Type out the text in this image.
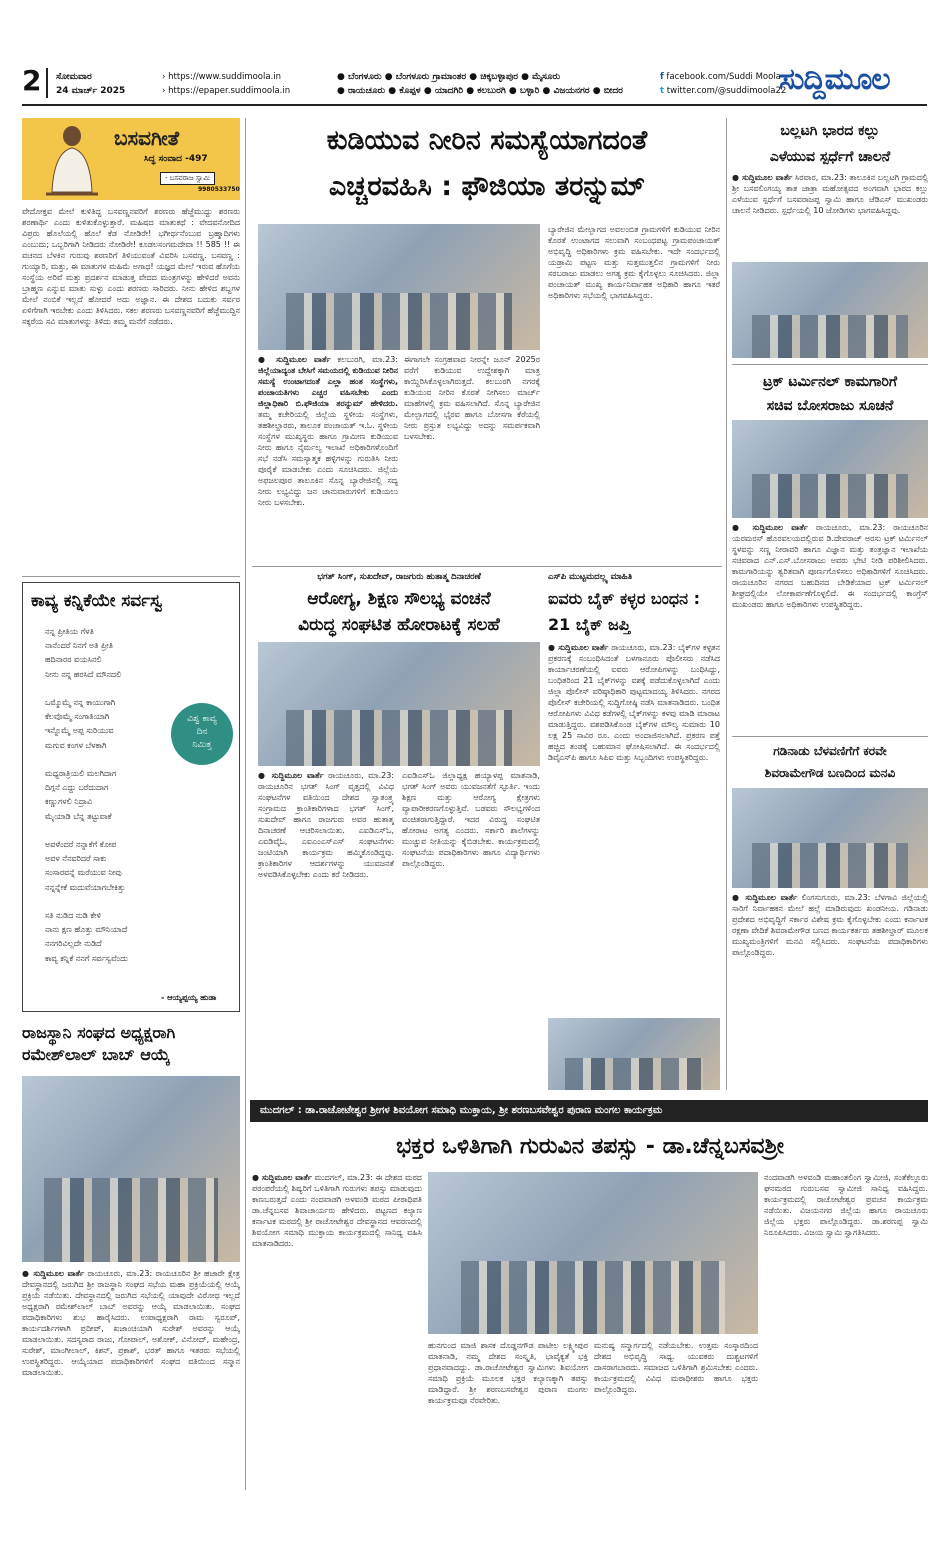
2 ಸೋಮವಾರ
24 ಮಾರ್ಚ್ 2025
› https://www.suddimoola.in
› https://epaper.suddimoola.in
● ಬೆಂಗಳೂರು ● ಬೆಂಗಳೂರು ಗ್ರಾಮಾಂತರ ● ಚಿಕ್ಕಬಳ್ಳಾಪುರ ● ಮೈಸೂರು
● ರಾಯಚೂರು ● ಕೊಪ್ಪಳ ● ಯಾದಗಿರಿ ● ಕಲಬುರಗಿ ● ಬಳ್ಳಾರಿ ● ವಿಜಯನಗರ ● ಬೀದರ
f facebook.com/Suddi Moola
t twitter.com/@suddimoola22
ಸುದ್ದಿಮೂಲ
ಬಸವಗೀತೆ
ಸಿದ್ಧ ಸಂವಾದ -497
- ಬಸವರಾಜ ಸ್ವಾಮಿ
9980533750
ವೇದೋಕ್ತವ ಮೇಲೆ ಕುಳಿತಿದ್ದ ಬಸವಣ್ಣನವರಿಗೆ ಶರಣರು ಹೆಜ್ಜೆಮುದ್ದು ಶರಣರು ಶರಣಾರ್ಥಿ ಎಂದು ಕುಳಿತುಕೊಳ್ಳುತ್ತಾರೆ. ಮಹಿಷದ ಮಾತುಕಥೆ : ವೇದವನೋದಿದ ವಿಪ್ರರು ಹೊಲೆಯಲ್ಲಿ ಹೊಲೆ ಕೆಡ ನೋಡಿರೇ! ಭಗೀರ್ಥನೆಂಬುವ ಬ್ರಹ್ಮಾದಿಗಳು ಎಂಬುದು; ಒಬ್ಬರಿಗಾಗಿ ನೀಡಿದರು ನೋಡಿರೇ! ಕೂಡಲಸಂಗಮದೇವಾ !! 585 !! ಈ ವಚನದ ಬೆಳಕಿನ ಗುರುವು ಶರಣರಿಗೆ ತಿಳಿಯುವಂತೆ ವಿವರಿಸಿ ಬಸವಣ್ಣ. ಬಸವಣ್ಣ : ಗುಯ್ಯಾರಿ, ಮತ್ತು, ಈ ಮಾತುಗಳ ಮಹಿಮೆ ಅಗಾಧ! ಯಜ್ಞದ ಮೇಲೆ ಇರುವ ಹೊಗೆಯ ಸಂಸ್ಥೆಯ ಅರಿವೆ ಮತ್ತು ಪ್ರದರ್ಶನ ಮಾಡುತ್ತ ವೇದದ ಮಂತ್ರಗಳನ್ನು ಹೇಳಿದರೆ ಅವನು ಬ್ರಾಹ್ಮಣ ಎನ್ನುವ ಮಾತು ಸುಳ್ಳು ಎಂದು ಶರಣರು ಸಾರಿದರು. ನೀನು ಹೇಳಿದ ಶಬ್ದಗಳ ಮೇಲೆ ನಂಬಿಕೆ ಇಲ್ಲದೆ ಹೋದರೆ ಅದು ಅಜ್ಞಾನ. ಈ ದೇಶದ ಬದುಕು ಸರ್ವರ ಏಳಿಗೆಗಾಗಿ ಇರಬೇಕು ಎಂದು ತಿಳಿಸಿದರು. ಸಕಲ ಶರಣರು ಬಸವಣ್ಣನವರಿಗೆ ಹೆಜ್ಜೆಮುದ್ದಿನ ಸಕ್ಕರೆಯ ಸವಿ ಮಾತುಗಳನ್ನು ತಿಳಿದು ತಮ್ಮ ಮನೆಗೆ ನಡೆದರು.
ಕಾವ್ಯ ಕನ್ನಿಕೆಯೇ ಸರ್ವಸ್ವ
ನನ್ನ ಪ್ರೀತಿಯ ಗೆಳತಿ
ನಾನೆಂದರೆ ನಿನಗೆ ಅತಿ ಪ್ರೀತಿ
ಹದಿನಾರರ ವಯಸಿನಲಿ
ನೀನು ನನ್ನ ಹರಸಿದೆ ಮೌನದಲಿ

ಒಮ್ಮೊಮ್ಮೆ ನನ್ನ ಕಾಯುಗಾಗಿ
ಕೆಲವೊಮ್ಮೆ ಸಂಗಾತಿಯಾಗಿ
ಇನ್ನೊಮ್ಮೆ ಅಪ್ಪ ಸುರಿಯುವ
ಮಗುವ ಕಂಗಳ ಬೆಳಕಾಗಿ

ಮಧ್ಯರಾತ್ರಿಯಲಿ ಮಲಗಿದಾಗ
ದಿಗ್ಗನೆ ಎದ್ದು ಬರೆದುದಾಗ
ಕಣ್ಣುಗಳಲಿ ನಿದ್ರಾವಿ
ಮೈಯಾಡಿ ಬೆನ್ನ ತಟ್ಟುವಾಕೆ

ಅವಳೆಂದರೆ ನನ್ನಾಕೆಗೆ ಕೋಪ
ಅವಳ ನೆನವರಿದರೆ ಸಾಕು
ಸಂಸಾರವನ್ನೆ ಮರೆಯುವ ನೀವು
ನನ್ನನ್ನೇಕೆ ಮದುವೆಯಾಗಬೇಕಿತ್ತು

ಸತಿ ನುಡಿದ ನುಡಿ ಕೇಳಿ
ನಾನು ಕ್ಷಣ ಹೊತ್ತು ಮೌನಿಯಾದೆ
ನನಗರಿವಿಲ್ಲದೇ ನುಡಿದೆ
ಕಾವ್ಯ ಕನ್ನಿಕೆ ನನಗೆ ಸರ್ವಸ್ವವೆಂದು
ವಿಶ್ವ ಕಾವ್ಯ
ದಿನ
ನಿಮಿತ್ತ
- ಆಯ್ಯಪ್ಪಯ್ಯ ಹುಡಾ
ರಾಜಸ್ಥಾನಿ ಸಂಘದ ಅಧ್ಯಕ್ಷರಾಗಿ
ರಮೇಶ್‌ಲಾಲ್ ಬಾಬ್ ಆಯ್ಕೆ
● ಸುದ್ದಿಮೂಲ ವಾರ್ತೆ ರಾಯಚೂರು, ಮಾ.23: ರಾಯಚೂರಿನ ಶ್ರೀ ಹಜಾರೇ ಕ್ಷೇತ್ರ ದೇವಸ್ಥಾನದಲ್ಲಿ ಜರುಗಿದ ಶ್ರೀ ರಾಜಸ್ಥಾನಿ ಸಂಘದ ಸಭೆಯ ಮಹಾ ಪ್ರಕ್ರಿಯೆಯಲ್ಲಿ ಆಯ್ಕೆ ಪ್ರಕ್ರಿಯೆ ನಡೆಯಿತು. ದೇವಸ್ಥಾನದಲ್ಲಿ ಜರುಗಿದ ಸಭೆಯಲ್ಲಿ ಯಾವುದೇ ವಿರೋಧ ಇಲ್ಲದೆ ಅಧ್ಯಕ್ಷರಾಗಿ ರಮೇಶ್‌ಲಾಲ್ ಬಾಬ್ ಅವರನ್ನು ಆಯ್ಕೆ ಮಾಡಲಾಯಿತು. ಸಂಘದ ಪದಾಧಿಕಾರಿಗಳು ಶುಭ ಹಾರೈಸಿದರು. ಉಪಾಧ್ಯಕ್ಷರಾಗಿ ರಾಮ ಸ್ವರೂಪ್, ಕಾರ್ಯದರ್ಶಿಗಳಾಗಿ ಪ್ರದೀಪ್, ಖಜಾಂಚಿಯಾಗಿ ಸುರೇಶ್ ಅವರನ್ನು ಆಯ್ಕೆ ಮಾಡಲಾಯಿತು. ಸದಸ್ಯರಾದ ರಾಜು, ಗೋಪಾಲ್, ಅಶೋಕ್, ವಿನೋದ್, ಮಹೇಂದ್ರ, ಸುರೇಶ್, ಮಾಂಗೀಲಾಲ್, ಕಿಶನ್, ಪ್ರಕಾಶ್, ಭರತ್ ಹಾಗೂ ಇತರರು ಸಭೆಯಲ್ಲಿ ಉಪಸ್ಥಿತರಿದ್ದರು. ಆಯ್ಕೆಯಾದ ಪದಾಧಿಕಾರಿಗಳಿಗೆ ಸಂಘದ ವತಿಯಿಂದ ಸನ್ಮಾನ ಮಾಡಲಾಯಿತು.
ಕುಡಿಯುವ ನೀರಿನ ಸಮಸ್ಯೆಯಾಗದಂತೆ
ಎಚ್ಚರವಹಿಸಿ : ಫೌಜಿಯಾ ತರನ್ನುಮ್
● ಸುದ್ದಿಮೂಲ ವಾರ್ತೆ ಕಲಬುರಗಿ, ಮಾ.23: ಜಿಲ್ಲೆಯಾದ್ಯಂತ ಬೇಸಿಗೆ ಸಮಯದಲ್ಲಿ ಕುಡಿಯುವ ನೀರಿನ ಸಮಸ್ಯೆ ಉಂಟಾಗದಂತೆ ಎಲ್ಲಾ ಹಂತ ಸಂಸ್ಥೆಗಳು, ಪಂಚಾಯತಿಗಳು ಎಚ್ಚರ ವಹಿಸಬೇಕು ಎಂದು ಜಿಲ್ಲಾಧಿಕಾರಿ ಬಿ.ಫೌಜಿಯಾ ತರನ್ನುಮ್ ಹೇಳಿದರು. ತಮ್ಮ ಕಚೇರಿಯಲ್ಲಿ ಜಿಲ್ಲೆಯ ಸ್ಥಳೀಯ ಸಂಸ್ಥೆಗಳು, ತಹಶೀಲ್ದಾರರು, ತಾಲೂಕ ಪಂಚಾಯತ್ ಇ.ಓ. ಸ್ಥಳೀಯ ಸಂಸ್ಥೆಗಳ ಮುಖ್ಯಸ್ಥರು ಹಾಗೂ ಗ್ರಾಮೀಣ ಕುಡಿಯುವ ನೀರು ಹಾಗೂ ನೈರ್ಮಲ್ಯ ಇಲಾಖೆ ಅಧಿಕಾರಿಗಳೊಂದಿಗೆ ಸಭೆ ನಡೆಸಿ ಸಮಸ್ಯಾತ್ಮಕ ಹಳ್ಳಿಗಳನ್ನು ಗುರುತಿಸಿ ನೀರು ಪೂರೈಕೆ ಮಾಡಬೇಕು ಎಂದು ಸೂಚಿಸಿದರು. ಜಿಲ್ಲೆಯ ಅಫಜಲಪೂರ ತಾಲೂಕಿನ ಸೊನ್ನ ಬ್ಯಾರೇಜಿನಲ್ಲಿ ಸದ್ಯ ನೀರು ಲಭ್ಯವಿದ್ದು ಜನ ಜಾನುವಾರುಗಳಿಗೆ ಕುಡಿಯಲು ನೀರು ಬಳಸಬೇಕು.
ಈಗಾಗಲೇ ಸಂಗ್ರಹವಾದ ನೀರನ್ನೇ ಜೂನ್ 2025ರ ವರೆಗೆ ಕುಡಿಯುವ ಉದ್ದೇಶಕ್ಕಾಗಿ ಮಾತ್ರ ಕಾಯ್ದಿರಿಸಿಕೊಳ್ಳಲಾಗಿರುತ್ತದೆ. ಕಲಬುರಗಿ ನಗರಕ್ಕೆ ಕುಡಿಯುವ ನೀರಿನ ಕೊರತೆ ನೀಗಿಸಲು ಮಾರ್ಚ್ ಮಾಹೆಗಳಲ್ಲಿ ಕ್ರಮ ವಹಿಸಲಾಗಿದೆ. ಸೊನ್ನ ಬ್ಯಾರೇಜಿನ ಮೇಲ್ಭಾಗದಲ್ಲಿ ಭೈರವ ಹಾಗೂ ಬೋಸಗಾ ಕೆರೆಯಲ್ಲಿ ನೀರು ಪ್ರಸ್ತುತ ಲಭ್ಯವಿದ್ದು ಅದನ್ನು ಸಮರ್ಪಕವಾಗಿ ಬಳಸಬೇಕು.
ಬ್ಯಾರೇಜಿನ ಮೇಲ್ಭಾಗದ ಅವಲಂಬಿತ ಗ್ರಾಮಗಳಿಗೆ ಕುಡಿಯುವ ನೀರಿನ ಕೊರತೆ ಉಂಟಾಗದ ಸಲುವಾಗಿ ಸಂಬಂಧಪಟ್ಟ ಗ್ರಾಮಪಂಚಾಯತ್ ಅಭಿವೃದ್ಧಿ ಅಧಿಕಾರಿಗಳು ಕ್ರಮ ವಹಿಸಬೇಕು. ಇದೇ ಸಂದರ್ಭದಲ್ಲಿ ಯಡ್ರಾಮಿ ಪಟ್ಟಣ ಮತ್ತು ಸುತ್ತಮುತ್ತಲಿನ ಗ್ರಾಮಗಳಿಗೆ ನೀರು ಸರಬರಾಜು ಮಾಡಲು ಅಗತ್ಯ ಕ್ರಮ ಕೈಗೊಳ್ಳಲು ಸೂಚಿಸಿದರು. ಜಿಲ್ಲಾ ಪಂಚಾಯತ್ ಮುಖ್ಯ ಕಾರ್ಯನಿರ್ವಾಹಕ ಅಧಿಕಾರಿ ಹಾಗೂ ಇತರೆ ಅಧಿಕಾರಿಗಳು ಸಭೆಯಲ್ಲಿ ಭಾಗವಹಿಸಿದ್ದರು.
ಭಗತ್ ಸಿಂಗ್, ಸುಖದೇವ್, ರಾಜಗುರು ಹುತಾತ್ಮ ದಿನಾಚರಣೆ
ಆರೋಗ್ಯ, ಶಿಕ್ಷಣ ಸೌಲಭ್ಯ ವಂಚನೆ
ವಿರುದ್ಧ ಸಂಘಟಿತ ಹೋರಾಟಕ್ಕೆ ಸಲಹೆ
● ಸುದ್ದಿಮೂಲ ವಾರ್ತೆ ರಾಯಚೂರು, ಮಾ.23: ರಾಯಚೂರಿನ ಭಗತ್ ಸಿಂಗ್ ವೃತ್ತದಲ್ಲಿ ವಿವಿಧ ಸಂಘಟನೆಗಳ ವತಿಯಿಂದ ದೇಶದ ಸ್ವಾತಂತ್ರ್ಯ ಸಂಗ್ರಾಮದ ಕ್ರಾಂತಿಕಾರಿಗಳಾದ ಭಗತ್ ಸಿಂಗ್, ಸುಖದೇವ್ ಹಾಗೂ ರಾಜಗುರು ಅವರ ಹುತಾತ್ಮ ದಿನಾಚರಣೆ ಆಚರಿಸಲಾಯಿತು. ಎಐಡಿಎಸ್‌ಓ, ಎಐಡಿವೈಓ, ಎಐಎಂಎಸ್‌ಎಸ್ ಸಂಘಟನೆಗಳು ಜಂಟಿಯಾಗಿ ಕಾರ್ಯಕ್ರಮ ಹಮ್ಮಿಕೊಂಡಿದ್ದವು. ಕ್ರಾಂತಿಕಾರಿಗಳ ಆದರ್ಶಗಳನ್ನು ಯುವಜನತೆ ಅಳವಡಿಸಿಕೊಳ್ಳಬೇಕು ಎಂದು ಕರೆ ನೀಡಿದರು.
ಎಐಡಿಎಸ್‌ಓ ಜಿಲ್ಲಾಧ್ಯಕ್ಷ ಹಯ್ಯಾಳಪ್ಪ ಮಾತನಾಡಿ, ಭಗತ್ ಸಿಂಗ್ ಅವರು ಯುವಜನತೆಗೆ ಸ್ಫೂರ್ತಿ. ಇಂದು ಶಿಕ್ಷಣ ಮತ್ತು ಆರೋಗ್ಯ ಕ್ಷೇತ್ರಗಳು ವ್ಯಾಪಾರೀಕರಣಗೊಳ್ಳುತ್ತಿವೆ. ಬಡವರು ಸೌಲಭ್ಯಗಳಿಂದ ವಂಚಿತರಾಗುತ್ತಿದ್ದಾರೆ. ಇದರ ವಿರುದ್ಧ ಸಂಘಟಿತ ಹೋರಾಟ ಅಗತ್ಯ ಎಂದರು. ಸರ್ಕಾರಿ ಶಾಲೆಗಳನ್ನು ಮುಚ್ಚುವ ನೀತಿಯನ್ನು ಕೈಬಿಡಬೇಕು. ಕಾರ್ಯಕ್ರಮದಲ್ಲಿ ಸಂಘಟನೆಯ ಪದಾಧಿಕಾರಿಗಳು ಹಾಗೂ ವಿದ್ಯಾರ್ಥಿಗಳು ಪಾಲ್ಗೊಂಡಿದ್ದರು.
ಎಸ್‌ಪಿ ಮುಟ್ಟಮದಲ್ಲ್ಯ ಮಾಹಿತಿ
ಐವರು ಬೈಕ್ ಕಳ್ಳರ ಬಂಧನ :
21 ಬೈಕ್ ಜಪ್ತಿ
● ಸುದ್ದಿಮೂಲ ವಾರ್ತೆ ರಾಯಚೂರು, ಮಾ.23: ಬೈಕ್‌ಗಳ ಕಳ್ಳತನ ಪ್ರಕರಣಕ್ಕೆ ಸಂಬಂಧಿಸಿದಂತೆ ಬಳಗಾನೂರು ಪೊಲೀಸರು ನಡೆಸಿದ ಕಾರ್ಯಾಚರಣೆಯಲ್ಲಿ ಐವರು ಆರೋಪಿಗಳನ್ನು ಬಂಧಿಸಿದ್ದು, ಬಂಧಿತರಿಂದ 21 ಬೈಕ್‌ಗಳನ್ನು ವಶಕ್ಕೆ ಪಡೆದುಕೊಳ್ಳಲಾಗಿದೆ ಎಂದು ಜಿಲ್ಲಾ ಪೊಲೀಸ್ ವರಿಷ್ಠಾಧಿಕಾರಿ ಪುಟ್ಟಮಾದಯ್ಯ ತಿಳಿಸಿದರು. ನಗರದ ಪೊಲೀಸ್ ಕಚೇರಿಯಲ್ಲಿ ಸುದ್ದಿಗೋಷ್ಠಿ ನಡೆಸಿ ಮಾತನಾಡಿದರು. ಬಂಧಿತ ಆರೋಪಿಗಳು ವಿವಿಧ ಕಡೆಗಳಲ್ಲಿ ಬೈಕ್‌ಗಳನ್ನು ಕಳವು ಮಾಡಿ ಮಾರಾಟ ಮಾಡುತ್ತಿದ್ದರು. ವಶಪಡಿಸಿಕೊಂಡ ಬೈಕ್‌ಗಳ ಮೌಲ್ಯ ಸುಮಾರು 10 ಲಕ್ಷ 25 ಸಾವಿರ ರೂ. ಎಂದು ಅಂದಾಜಿಸಲಾಗಿದೆ. ಪ್ರಕರಣ ಪತ್ತೆ ಹಚ್ಚಿದ ತಂಡಕ್ಕೆ ಬಹುಮಾನ ಘೋಷಿಸಲಾಗಿದೆ. ಈ ಸಂದರ್ಭದಲ್ಲಿ ಡಿವೈಎಸ್‌ಪಿ ಹಾಗೂ ಸಿಪಿಐ ಮತ್ತು ಸಿಬ್ಬಂದಿಗಳು ಉಪಸ್ಥಿತರಿದ್ದರು.
ಬಲ್ಲಟಗಿ ಭಾರದ ಕಲ್ಲು
ಎಳೆಯುವ ಸ್ಪರ್ಧೆಗೆ ಚಾಲನೆ
● ಸುದ್ದಿಮೂಲ ವಾರ್ತೆ ಸಿರವಾರ, ಮಾ.23: ತಾಲೂಕಿನ ಬಲ್ಲಟಗಿ ಗ್ರಾಮದಲ್ಲಿ ಶ್ರೀ ಬಸವಲಿಂಗಯ್ಯ ತಾತ ಜಾತ್ರಾ ಮಹೋತ್ಸವದ ಅಂಗವಾಗಿ ಭಾರದ ಕಲ್ಲು ಎಳೆಯುವ ಸ್ಪರ್ಧೆಗೆ ಬಸವರಾಜಪ್ಪ ಸ್ವಾಮಿ ಹಾಗೂ ಜೆಡಿಎಸ್ ಮುಖಂಡರು ಚಾಲನೆ ನೀಡಿದರು. ಸ್ಪರ್ಧೆಯಲ್ಲಿ 10 ಜೋಡಿಗಳು ಭಾಗವಹಿಸಿದ್ದವು.
ಟ್ರಕ್ ಟರ್ಮಿನಲ್ ಕಾಮಗಾರಿಗೆ
ಸಚಿವ ಬೋಸರಾಜು ಸೂಚನೆ
● ಸುದ್ದಿಮೂಲ ವಾರ್ತೆ ರಾಯಚೂರು, ಮಾ.23: ರಾಯಚೂರಿನ ಯರಮರಸ್ ಹೊರವಲಯದಲ್ಲಿರುವ ಡಿ.ದೇವರಾಜ್ ಅರಸು ಟ್ರಕ್ ಟರ್ಮಿನಲ್ ಸ್ಥಳವನ್ನು ಸಣ್ಣ ನೀರಾವರಿ ಹಾಗೂ ವಿಜ್ಞಾನ ಮತ್ತು ತಂತ್ರಜ್ಞಾನ ಇಲಾಖೆಯ ಸಚಿವರಾದ ಎನ್.ಎಸ್.ಬೋಸರಾಜು ಅವರು ಭೇಟಿ ನೀಡಿ ಪರಿಶೀಲಿಸಿದರು. ಕಾಮಗಾರಿಯನ್ನು ತ್ವರಿತವಾಗಿ ಪೂರ್ಣಗೊಳಿಸಲು ಅಧಿಕಾರಿಗಳಿಗೆ ಸೂಚಿಸಿದರು. ರಾಯಚೂರಿನ ನಗರದ ಬಹುದಿನದ ಬೇಡಿಕೆಯಾದ ಟ್ರಕ್ ಟರ್ಮಿನಲ್ ಶೀಘ್ರದಲ್ಲಿಯೇ ಲೋಕಾರ್ಪಣೆಗೊಳ್ಳಲಿದೆ. ಈ ಸಂದರ್ಭದಲ್ಲಿ ಕಾಂಗ್ರೆಸ್ ಮುಖಂಡರು ಹಾಗೂ ಅಧಿಕಾರಿಗಳು ಉಪಸ್ಥಿತರಿದ್ದರು.
ಗಡಿನಾಡು ಬೆಳವಣಿಗೆಗೆ ಕರವೇ
ಶಿವರಾಮೇಗೌಡ ಬಣದಿಂದ ಮನವಿ
● ಸುದ್ದಿಮೂಲ ವಾರ್ತೆ ಲಿಂಗಸುಗೂರು, ಮಾ.23: ಬೆಳಗಾವಿ ಜಿಲ್ಲೆಯಲ್ಲಿ ಸಾರಿಗೆ ನಿರ್ವಾಹಕನ ಮೇಲೆ ಹಲ್ಲೆ ಮಾಡಿರುವುದು ಖಂಡನೀಯ. ಗಡಿನಾಡು ಪ್ರದೇಶದ ಅಭಿವೃದ್ಧಿಗೆ ಸರ್ಕಾರ ವಿಶೇಷ ಕ್ರಮ ಕೈಗೊಳ್ಳಬೇಕು ಎಂದು ಕರ್ನಾಟಕ ರಕ್ಷಣಾ ವೇದಿಕೆ ಶಿವರಾಮೇಗೌಡ ಬಣದ ಕಾರ್ಯಕರ್ತರು ತಹಶೀಲ್ದಾರ್ ಮೂಲಕ ಮುಖ್ಯಮಂತ್ರಿಗಳಿಗೆ ಮನವಿ ಸಲ್ಲಿಸಿದರು. ಸಂಘಟನೆಯ ಪದಾಧಿಕಾರಿಗಳು ಪಾಲ್ಗೊಂಡಿದ್ದರು.
ಮುದಗಲ್ : ಡಾ.ರಾಚೋಟೇಶ್ವರ ಶ್ರೀಗಳ ಶಿವಯೋಗ ಸಮಾಧಿ ಮುಕ್ತಾಯ, ಶ್ರೀ ಶರಣಬಸವೇಶ್ವರ ಪುರಾಣ ಮಂಗಲ ಕಾರ್ಯಕ್ರಮ
ಭಕ್ತರ ಒಳಿತಿಗಾಗಿ ಗುರುವಿನ ತಪಸ್ಸು - ಡಾ.ಚೆನ್ನಬಸವಶ್ರೀ
● ಸುದ್ದಿಮೂಲ ವಾರ್ತೆ ಮುದಗಲ್, ಮಾ.23: ಈ ದೇಶದ ಮಠದ ಪರಂಪರೆಯಲ್ಲಿ ಶಿಷ್ಯರಿಗೆ ಒಳಿತಿಗಾಗಿ ಗುರುಗಳು ತಪಸ್ಸು ಮಾಡುವುದು ಕಾಣಬರುತ್ತದೆ ಎಂದು ನಂದವಾಡಗಿ ಅಳವಂಡಿ ಮಠದ ಪೀಠಾಧಿಪತಿ ಡಾ.ಚೆನ್ನಬಸವ ಶಿವಾಚಾರ್ಯರು ಹೇಳಿದರು. ಪಟ್ಟಣದ ಕಲ್ಯಾಣ ಕರ್ನಾಟಕ ಮಠದಲ್ಲಿ ಶ್ರೀ ರಾಚೋಟೇಶ್ವರ ದೇವಸ್ಥಾನದ ಆವರಣದಲ್ಲಿ ಶಿವಯೋಗ ಸಮಾಧಿ ಮುಕ್ತಾಯ ಕಾರ್ಯಕ್ರಮದಲ್ಲಿ ಸಾನಿಧ್ಯ ವಹಿಸಿ ಮಾತನಾಡಿದರು.
ಹುನಗುಂದ ಮಾಜಿ ಶಾಸಕ ದೊಡ್ಡನಗೌಡ ಪಾಟೀಲ ಲಕ್ಷ್ಮೀಪುರ ಮಾತನಾಡಿ, ನಮ್ಮ ದೇಶದ ಸಂಸ್ಕೃತಿ, ಭಾವೈಕ್ಯತೆ ಭಕ್ತಿ ಪ್ರಧಾನವಾದದ್ದು. ಡಾ.ರಾಚೋಟೇಶ್ವರ ಸ್ವಾಮಿಗಳು ಶಿವಯೋಗ ಸಮಾಧಿ ಪ್ರಕ್ರಿಯೆ ಮೂಲಕ ಭಕ್ತರ ಕಲ್ಯಾಣಕ್ಕಾಗಿ ತಪಸ್ಸು ಮಾಡಿದ್ದಾರೆ. ಶ್ರೀ ಶರಣಬಸವೇಶ್ವರ ಪುರಾಣ ಮಂಗಲ ಕಾರ್ಯಕ್ರಮವೂ ನೆರವೇರಿತು.
ಮನುಷ್ಯ ಸನ್ಮಾರ್ಗದಲ್ಲಿ ನಡೆಯಬೇಕು. ಉತ್ತಮ ಸಂಸ್ಕಾರದಿಂದ ದೇಶದ ಅಭಿವೃದ್ಧಿ ಸಾಧ್ಯ. ಯುವಕರು ದುಶ್ಚಟಗಳಿಗೆ ದಾಸರಾಗಬಾರದು. ಸಮಾಜದ ಒಳಿತಿಗಾಗಿ ಶ್ರಮಿಸಬೇಕು ಎಂದರು. ಕಾರ್ಯಕ್ರಮದಲ್ಲಿ ವಿವಿಧ ಮಠಾಧೀಶರು ಹಾಗೂ ಭಕ್ತರು ಪಾಲ್ಗೊಂಡಿದ್ದರು.
ನಂದವಾಡಗಿ ಅಳವಂಡಿ ಮಹಾಂತಲಿಂಗ ಸ್ವಾಮೀಜಿ, ಸಂತೆಕೆಲ್ಲೂರು ಘನಮಠದ ಗುರುಬಸವ ಸ್ವಾಮೀಜಿ ಸಾನಿಧ್ಯ ವಹಿಸಿದ್ದರು. ಕಾರ್ಯಕ್ರಮದಲ್ಲಿ ರಾಚೋಟೇಶ್ವರ ಪ್ರವಚನ ಕಾರ್ಯಕ್ರಮ ನಡೆಯಿತು. ವಿಜಯನಗರ ಜಿಲ್ಲೆಯ ಹಾಗೂ ರಾಯಚೂರು ಜಿಲ್ಲೆಯ ಭಕ್ತರು ಪಾಲ್ಗೊಂಡಿದ್ದರು. ಡಾ.ಶರಣಪ್ಪ ಸ್ವಾಮಿ ನಿರೂಪಿಸಿದರು. ವಿಜಯ ಸ್ವಾಮಿ ಸ್ವಾಗತಿಸಿದರು.
